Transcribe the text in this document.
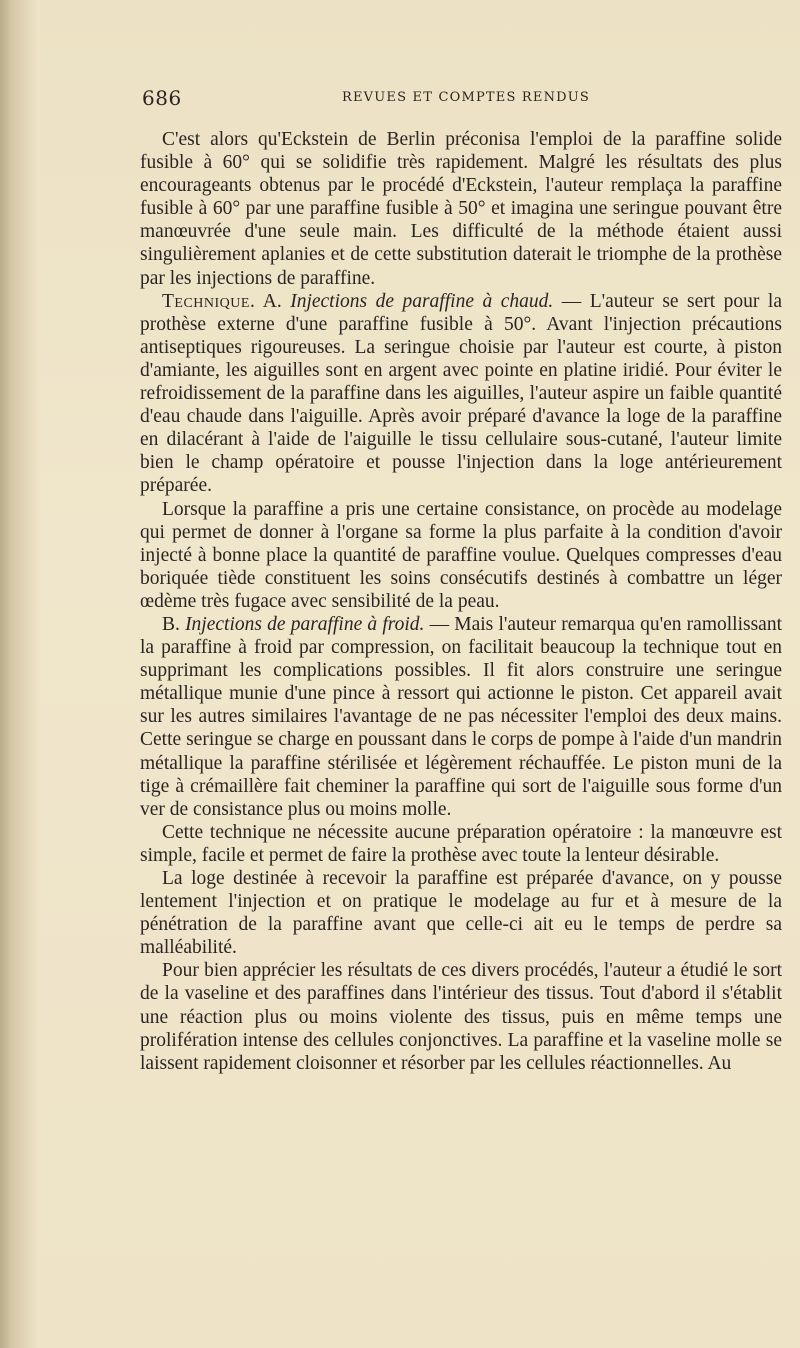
686	REVUES ET COMPTES RENDUS

C'est alors qu'Eckstein de Berlin préconisa l'emploi de la paraffine solide fusible à 60° qui se solidifie très rapidement. Malgré les résultats des plus encourageants obtenus par le procédé d'Eckstein, l'auteur remplaça la paraffine fusible à 60° par une paraffine fusible à 50° et imagina une seringue pouvant être manœuvrée d'une seule main. Les difficulté de la méthode étaient aussi singulièrement aplanies et de cette substitution daterait le triomphe de la prothèse par les injections de paraffine.

Technique. A. Injections de paraffine à chaud. — L'auteur se sert pour la prothèse externe d'une paraffine fusible à 50°. Avant l'injection précautions antiseptiques rigoureuses. La seringue choisie par l'auteur est courte, à piston d'amiante, les aiguilles sont en argent avec pointe en platine iridié. Pour éviter le refroidissement de la paraffine dans les aiguilles, l'auteur aspire un faible quantité d'eau chaude dans l'aiguille. Après avoir préparé d'avance la loge de la paraffine en dilacérant à l'aide de l'aiguille le tissu cellulaire sous-cutané, l'auteur limite bien le champ opératoire et pousse l'injection dans la loge antérieurement préparée.

Lorsque la paraffine a pris une certaine consistance, on procède au modelage qui permet de donner à l'organe sa forme la plus parfaite à la condition d'avoir injecté à bonne place la quantité de paraffine voulue. Quelques compresses d'eau boriquée tiède constituent les soins consécutifs destinés à combattre un léger œdème très fugace avec sensibilité de la peau.

B. Injections de paraffine à froid. — Mais l'auteur remarqua qu'en ramollissant la paraffine à froid par compression, on facilitait beaucoup la technique tout en supprimant les complications possibles. Il fit alors construire une seringue métallique munie d'une pince à ressort qui actionne le piston. Cet appareil avait sur les autres similaires l'avantage de ne pas nécessiter l'emploi des deux mains. Cette seringue se charge en poussant dans le corps de pompe à l'aide d'un mandrin métallique la paraffine stérilisée et légèrement réchauffée. Le piston muni de la tige à crémaillère fait cheminer la paraffine qui sort de l'aiguille sous forme d'un ver de consistance plus ou moins molle.

Cette technique ne nécessite aucune préparation opératoire : la manœuvre est simple, facile et permet de faire la prothèse avec toute la lenteur désirable.

La loge destinée à recevoir la paraffine est préparée d'avance, on y pousse lentement l'injection et on pratique le modelage au fur et à mesure de la pénétration de la paraffine avant que celle-ci ait eu le temps de perdre sa malléabilité.

Pour bien apprécier les résultats de ces divers procédés, l'auteur a étudié le sort de la vaseline et des paraffines dans l'intérieur des tissus. Tout d'abord il s'établit une réaction plus ou moins violente des tissus, puis en même temps une prolifération intense des cellules conjonctives. La paraffine et la vaseline molle se laissent rapidement cloisonner et résorber par les cellules réactionnelles. Au
